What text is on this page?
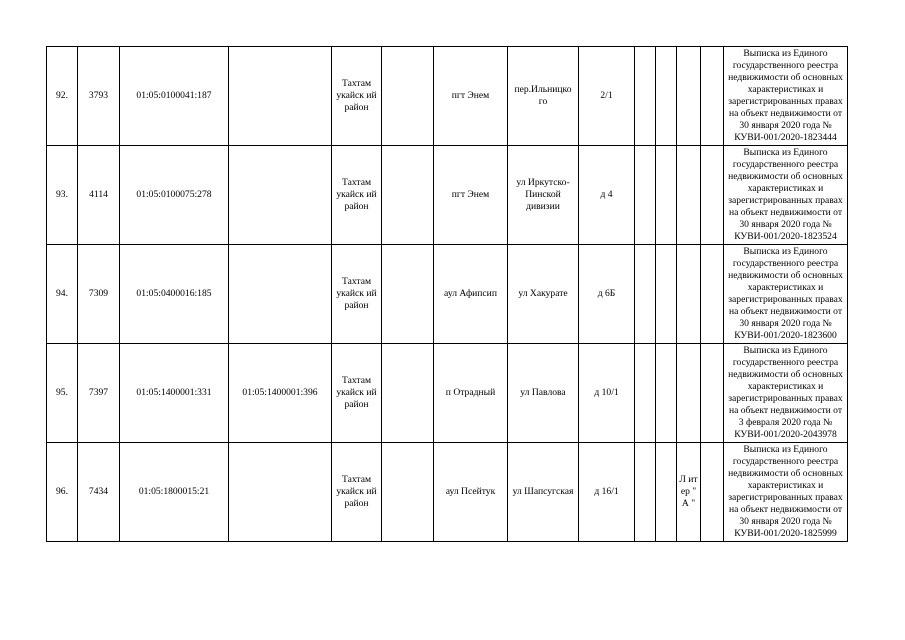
92.	3793	01:05:0100041:187		Тахтам укайск ий район		пгт Энем	пер.Ильницко го	2/1					Выписка из Единого государственного реестра недвижимости об основных характеристиках и зарегистрированных правах на объект недвижимости от 30 января 2020 года № КУВИ-001/2020-1823444
93.	4114	01:05:0100075:278		Тахтам укайск ий район		пгт Энем	ул Иркутско-Пинской дивизии	д 4					Выписка из Единого государственного реестра недвижимости об основных характеристиках и зарегистрированных правах на объект недвижимости от 30 января 2020 года № КУВИ-001/2020-1823524
94.	7309	01:05:0400016:185		Тахтам укайск ий район		аул Афипсип	ул Хакурате	д 6Б					Выписка из Единого государственного реестра недвижимости об основных характеристиках и зарегистрированных правах на объект недвижимости от 30 января 2020 года № КУВИ-001/2020-1823600
95.	7397	01:05:1400001:331	01:05:1400001:396	Тахтам укайск ий район		п Отрадный	ул Павлова	д 10/1					Выписка из Единого государственного реестра недвижимости об основных характеристиках и зарегистрированных правах на объект недвижимости от 3 февраля 2020 года № КУВИ-001/2020-2043978
96.	7434	01:05:1800015:21		Тахтам укайск ий район		аул Псейтук	ул Шапсугская	д 16/1			Л ит ер " А "		Выписка из Единого государственного реестра недвижимости об основных характеристиках и зарегистрированных правах на объект недвижимости от 30 января 2020 года № КУВИ-001/2020-1825999
